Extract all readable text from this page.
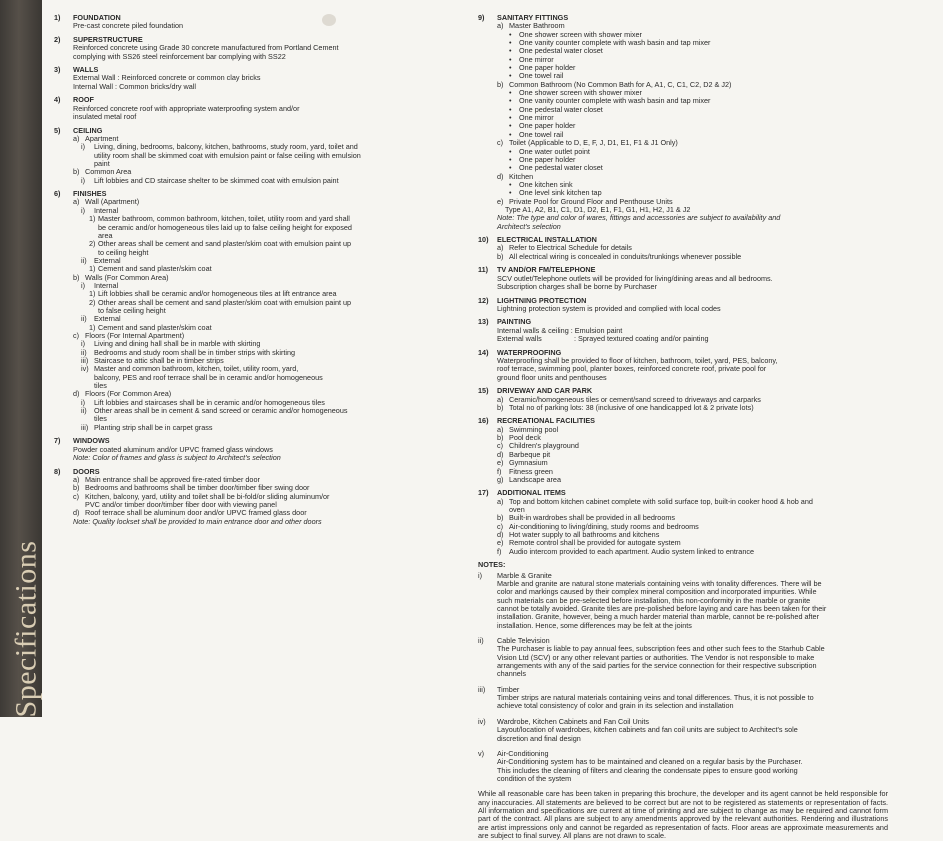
Specifications
1)	FOUNDATION
Pre-cast concrete piled foundation
2)	SUPERSTRUCTURE
Reinforced concrete using Grade 30 concrete manufactured from Portland Cement
complying with SS26 steel reinforcement bar complying with SS22
3)	WALLS
External Wall : Reinforced concrete or common clay bricks
Internal Wall : Common bricks/dry wall
4)	ROOF
Reinforced concrete roof with appropriate waterproofing system and/or
insulated metal roof
5)	CEILING
a) Apartment
i)	Living, dining, bedrooms, balcony, kitchen, bathrooms, study room, yard, toilet and
utility room shall be skimmed coat with emulsion paint or false ceiling with emulsion
paint
b) Common Area
i)	Lift lobbies and CD staircase shelter to be skimmed coat with emulsion paint
6)	FINISHES
a) Wall (Apartment)
i)	Internal
1) Master bathroom, common bathroom, kitchen, toilet, utility room and yard shall
be ceramic and/or homogeneous tiles laid up to false ceiling height for exposed
area
2) Other areas shall be cement and sand plaster/skim coat with emulsion paint up
to ceiling height
ii)	External
1) Cement and sand plaster/skim coat
b) Walls (For Common Area)
i)	Internal
1) Lift lobbies shall be ceramic and/or homogeneous tiles at lift entrance area
2) Other areas shall be cement and sand plaster/skim coat with emulsion paint up
to false ceiling height
ii)	External
1) Cement and sand plaster/skim coat
c) Floors (For Internal Apartment)
i)	Living and dining hall shall be in marble with skirting
ii)	Bedrooms and study room shall be in timber strips with skirting
iii) Staircase to attic shall be in timber strips
iv) Master and common bathroom, kitchen, toilet, utility room, yard,
balcony, PES and roof terrace shall be in ceramic and/or homogeneous
tiles
d) Floors (For Common Area)
i)	Lift lobbies and staircases shall be in ceramic and/or homogeneous tiles
ii)	Other areas shall be in cement & sand screed or ceramic and/or homogeneous
tiles
iii) Planting strip shall be in carpet grass
7)	WINDOWS
Powder coated aluminum and/or UPVC framed glass windows
Note: Color of frames and glass is subject to Architect's selection
8)	DOORS
a) Main entrance shall be approved fire-rated timber door
b) Bedrooms and bathrooms shall be timber door/timber fiber swing door
c) Kitchen, balcony, yard, utility and toilet shall be bi-fold/or sliding aluminum/or
PVC and/or timber door/timber fiber door with viewing panel
d) Roof terrace shall be aluminum door and/or UPVC framed glass door
Note: Quality lockset shall be provided to main entrance door and other doors
9)	SANITARY FITTINGS
a) Master Bathroom
•	One shower screen with shower mixer
•	One vanity counter complete with wash basin and tap mixer
•	One pedestal water closet
•	One mirror
•	One paper holder
•	One towel rail
b) Common Bathroom (No Common Bath for A, A1, C, C1, C2, D2 & J2)
•	One shower screen with shower mixer
•	One vanity counter complete with wash basin and tap mixer
•	One pedestal water closet
•	One mirror
•	One paper holder
•	One towel rail
c) Toilet (Applicable to D, E, F, J, D1, E1, F1 & J1 Only)
•	One water outlet point
•	One paper holder
•	One pedestal water closet
d) Kitchen
•	One kitchen sink
•	One level sink kitchen tap
e) Private Pool for Ground Floor and Penthouse Units
Type A1, A2, B1, C1, D1, D2, E1, F1, G1, H1, H2, J1 & J2
Note: The type and color of wares, fittings and accessories are subject to availability and
Architect's selection
10)	ELECTRICAL INSTALLATION
a) Refer to Electrical Schedule for details
b) All electrical wiring is concealed in conduits/trunkings whenever possible
11)	TV AND/OR FM/TELEPHONE
SCV outlet/Telephone outlets will be provided for living/dining areas and all bedrooms.
Subscription charges shall be borne by Purchaser
12)	LIGHTNING PROTECTION
Lightning protection system is provided and complied with local codes
13)	PAINTING
Internal walls & ceiling : Emulsion paint
External walls                : Sprayed textured coating and/or painting
14)	WATERPROOFING
Waterproofing shall be provided to floor of kitchen, bathroom, toilet, yard, PES, balcony,
roof terrace, swimming pool, planter boxes, reinforced concrete roof, private pool for
ground floor units and penthouses
15)	DRIVEWAY AND CAR PARK
a) Ceramic/homogeneous tiles or cement/sand screed to driveways and carparks
b) Total no of parking lots: 38 (inclusive of one handicapped lot & 2 private lots)
16)	RECREATIONAL FACILITIES
a) Swimming pool
b) Pool deck
c) Children's playground
d) Barbeque pit
e) Gymnasium
f)	Fitness green
g) Landscape area
17)	ADDITIONAL ITEMS
a) Top and bottom kitchen cabinet complete with solid surface top, built-in cooker hood & hob and
oven
b) Built-in wardrobes shall be provided in all bedrooms
c) Air-conditioning to living/dining, study rooms and bedrooms
d) Hot water supply to all bathrooms and kitchens
e) Remote control shall be provided for autogate system
f)	Audio intercom provided to each apartment. Audio system linked to entrance
NOTES:
i)	Marble & Granite
Marble and granite are natural stone materials containing veins with tonality differences. There will be
color and markings caused by their complex mineral composition and incorporated impurities. While
such materials can be pre-selected before installation, this non-conformity in the marble or granite
cannot be totally avoided. Granite tiles are pre-polished before laying and care has been taken for their
installation. Granite, however, being a much harder material than marble, cannot be re-polished after
installation. Hence, some differences may be felt at the joints
ii)	Cable Television
The Purchaser is liable to pay annual fees, subscription fees and other such fees to the Starhub Cable
Vision Ltd (SCV) or any other relevant parties or authorities. The Vendor is not responsible to make
arrangements with any of the said parties for the service connection for their respective subscription
channels
iii)	Timber
Timber strips are natural materials containing veins and tonal differences. Thus, it is not possible to
achieve total consistency of color and grain in its selection and installation
iv)	Wardrobe, Kitchen Cabinets and Fan Coil Units
Layout/location of wardrobes, kitchen cabinets and fan coil units are subject to Architect's sole
discretion and final design
v)	Air-Conditioning
Air-Conditioning system has to be maintained and cleaned on a regular basis by the Purchaser.
This includes the cleaning of filters and clearing the condensate pipes to ensure good working
condition of the system
While all reasonable care has been taken in preparing this brochure, the developer and its agent cannot be held responsible for any inaccuracies. All statements are believed to be correct but are not to be registered as statements or representation of facts. All information and specifications are current at time of printing and are subject to change as may be required and cannot form part of the contract. All plans are subject to any amendments approved by the relevant authorities. Rendering and illustrations are artist impressions only and cannot be regarded as representation of facts. Floor areas are approximate measurements and are subject to final survey. All plans are not drawn to scale.
